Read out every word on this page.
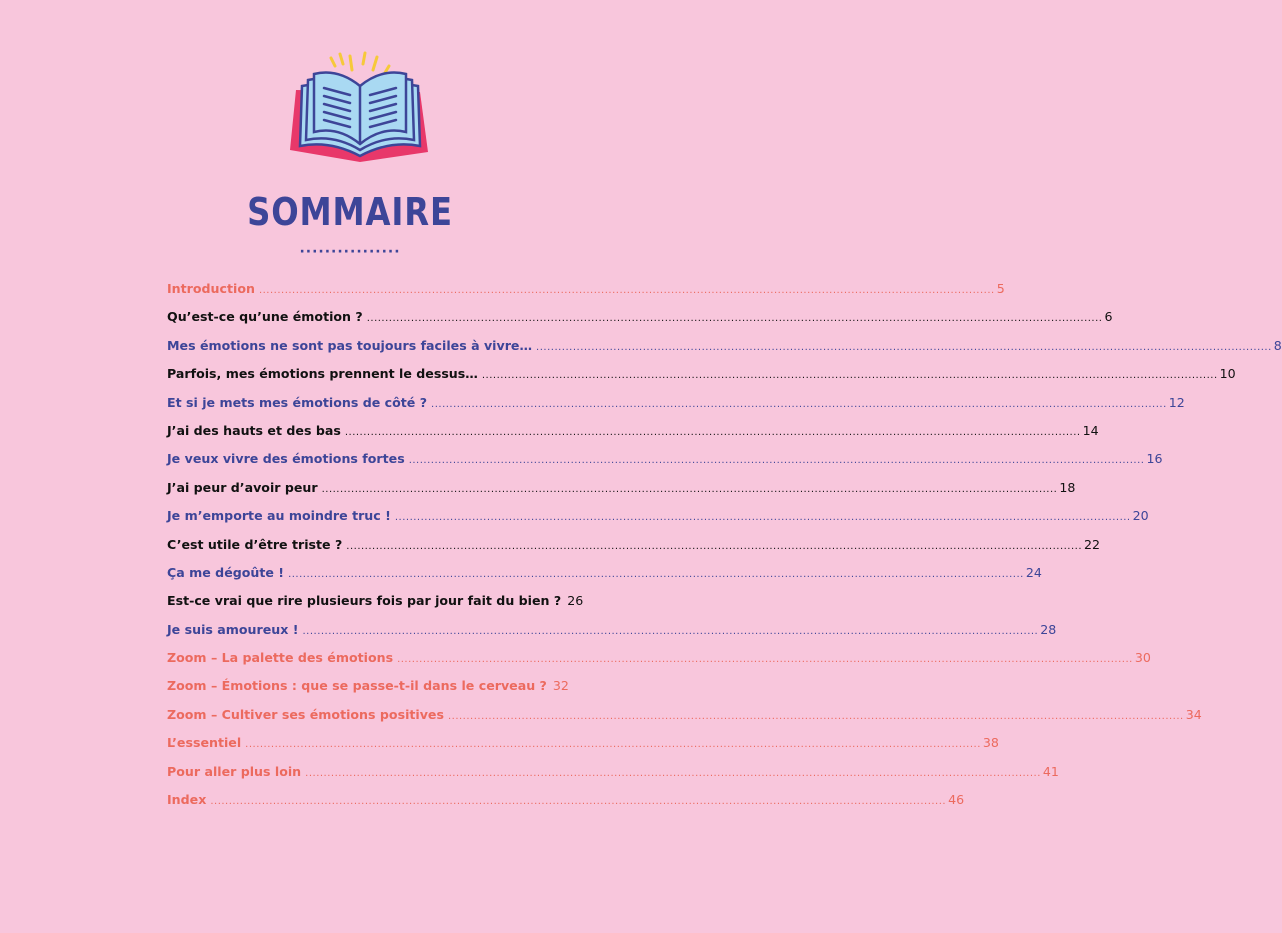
SOMMAIRE
················
Introduction ........................................................................................................................................................................................................ 5
Qu’est-ce qu’une émotion ? ........................................................................................................................................................................................................ 6
Mes émotions ne sont pas toujours faciles à vivre… ........................................................................................................................................................................................................ 8
Parfois, mes émotions prennent le dessus… ........................................................................................................................................................................................................ 10
Et si je mets mes émotions de côté ? ........................................................................................................................................................................................................ 12
J’ai des hauts et des bas ........................................................................................................................................................................................................ 14
Je veux vivre des émotions fortes ........................................................................................................................................................................................................ 16
J’ai peur d’avoir peur ........................................................................................................................................................................................................ 18
Je m’emporte au moindre truc ! ........................................................................................................................................................................................................ 20
C’est utile d’être triste ? ........................................................................................................................................................................................................ 22
Ça me dégoûte ! ........................................................................................................................................................................................................ 24
Est-ce vrai que rire plusieurs fois par jour fait du bien ? 26
Je suis amoureux ! ........................................................................................................................................................................................................ 28
Zoom – La palette des émotions ........................................................................................................................................................................................................ 30
Zoom – Émotions : que se passe-t-il dans le cerveau ? 32
Zoom – Cultiver ses émotions positives ........................................................................................................................................................................................................ 34
L’essentiel ........................................................................................................................................................................................................ 38
Pour aller plus loin ........................................................................................................................................................................................................ 41
Index ........................................................................................................................................................................................................ 46
